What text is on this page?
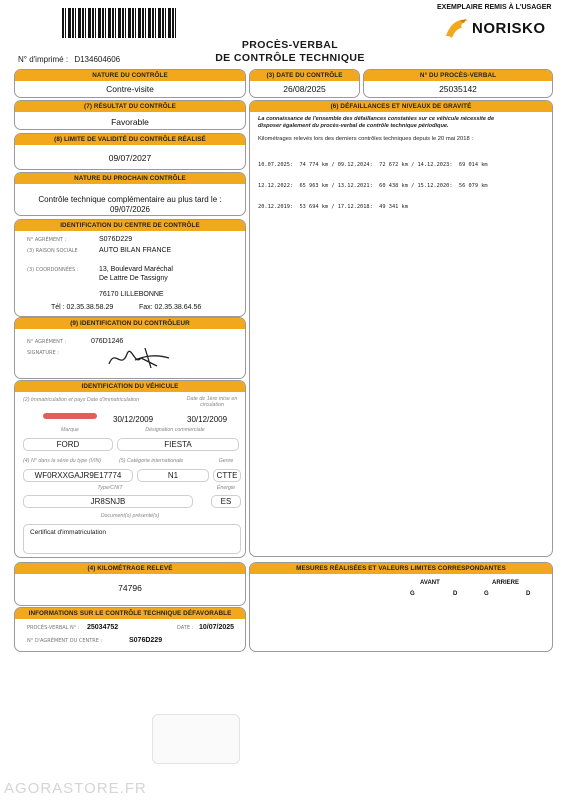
EXEMPLAIRE REMIS À L'USAGER
NORISKO
PROCÈS-VERBAL
DE CONTRÔLE TECHNIQUE
N° d'imprimé : D134604606
NATURE DU CONTRÔLE
Contre-visite
(3) DATE DU CONTRÔLE
26/08/2025
N° DU PROCÈS-VERBAL
25035142
(7) RÉSULTAT DU CONTRÔLE
Favorable
(8) LIMITE DE VALIDITÉ DU CONTRÔLE RÉALISÉ
09/07/2027
NATURE DU PROCHAIN CONTRÔLE
Contrôle technique complémentaire au plus tard le :
09/07/2026
IDENTIFICATION DU CENTRE DE CONTRÔLE
N° AGRÉMENT :	S076D229
(3) RAISON SOCIALE	AUTO BILAN FRANCE
(3) COORDONNÉES :	13, Boulevard Maréchal
De Lattre De Tassigny
76170 LILLEBONNE
Tél : 02.35.38.58.29	Fax: 02.35.38.64.56
(9) IDENTIFICATION DU CONTRÔLEUR
N° AGRÉMENT :	076D1246
SIGNATURE :
IDENTIFICATION DU VÉHICULE
(2) Immatriculation et pays Date d'immatriculation	Date de 1ère mise en circulation
30/12/2009	30/12/2009
Marque	Désignation commerciale
FORD	FIESTA
(4) N° dans la série du type (VIN)	(5) Catégorie internationale	Genre
WF0RXXGAJR9E17774	N1	CTTE
Type/CNIT	Énergie
JR8SNJB	ES
Document(s) présenté(s)
Certificat d'immatriculation
(4) KILOMÉTRAGE RELEVÉ
74796
INFORMATIONS SUR LE CONTRÔLE TECHNIQUE DÉFAVORABLE
PROCÈS-VERBAL N° : 25034752	DATE : 10/07/2025
N° D'AGRÉMENT DU CENTRE :	S076D229
(6) DÉFAILLANCES ET NIVEAUX DE GRAVITÉ
La connaissance de l'ensemble des défaillances constatées sur ce véhicule nécessite de
disposer également du procès-verbal de contrôle technique périodique.
Kilométrages relevés lors des derniers contrôles techniques depuis le 20 mai 2018 :

10.07.2025:  74 774 km / 09.12.2024:  72 672 km / 14.12.2023:  69 014 km

12.12.2022:  65 963 km / 13.12.2021:  60 438 km / 15.12.2020:  56 079 km

20.12.2019:  53 694 km / 17.12.2018:  49 341 km

MESURES RÉALISÉES ET VALEURS LIMITES CORRESPONDANTES
AVANT	ARRIERE
G	D	G	D
AGORASTORE.FR
